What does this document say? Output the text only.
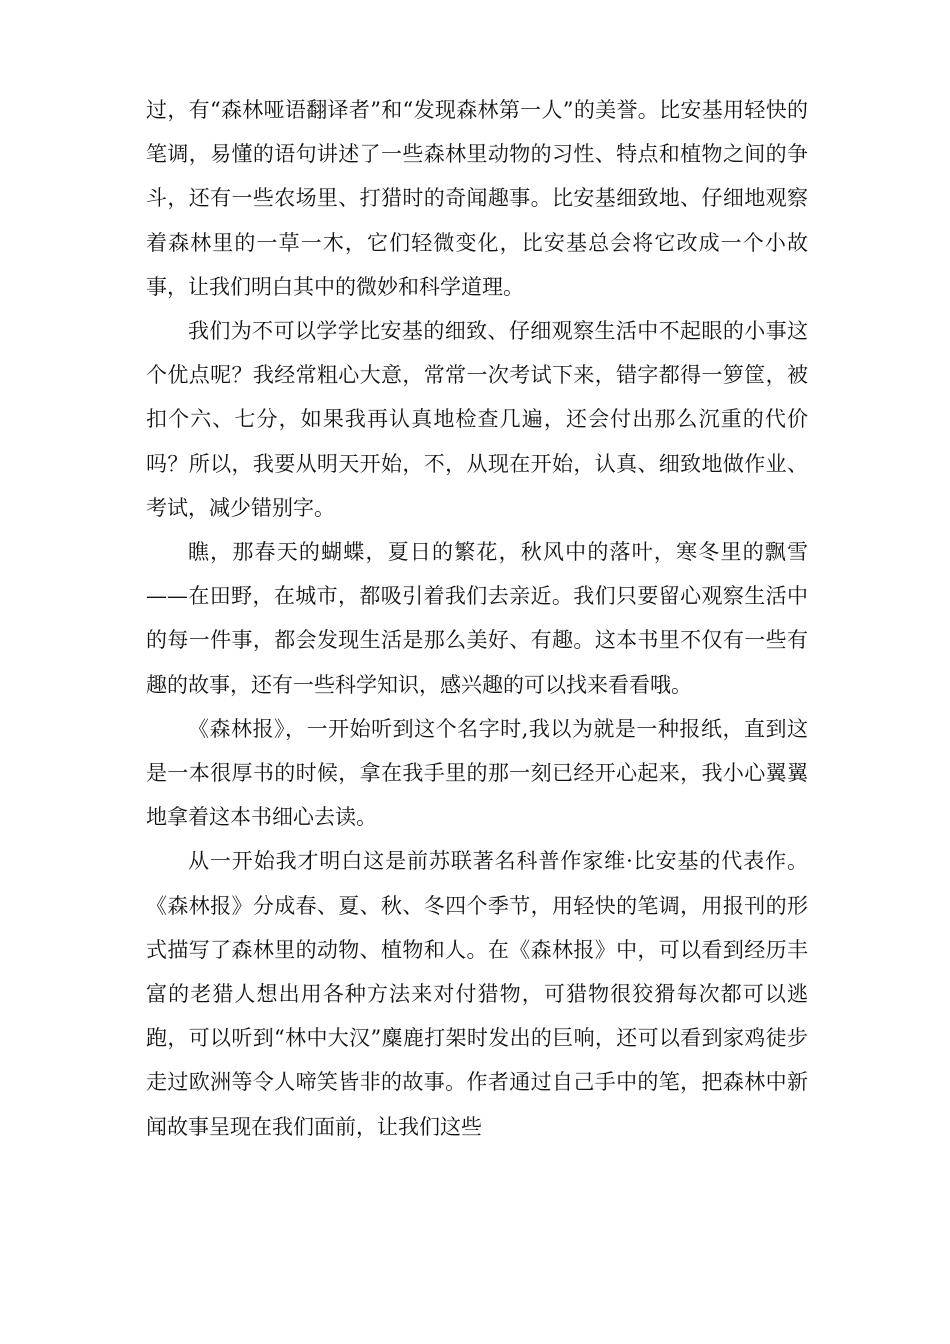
过，有“森林哑语翻译者”和“发现森林第一人”的美誉。比安基用轻快的笔调，易懂的语句讲述了一些森林里动物的习性、特点和植物之间的争斗，还有一些农场里、打猎时的奇闻趣事。比安基细致地、仔细地观察着森林里的一草一木，它们轻微变化，比安基总会将它改成一个小故事，让我们明白其中的微妙和科学道理。

我们为不可以学学比安基的细致、仔细观察生活中不起眼的小事这个优点呢？我经常粗心大意，常常一次考试下来，错字都得一箩筐，被扣个六、七分，如果我再认真地检查几遍，还会付出那么沉重的代价吗？所以，我要从明天开始，不，从现在开始，认真、细致地做作业、考试，减少错别字。

瞧，那春天的蝴蝶，夏日的繁花，秋风中的落叶，寒冬里的飘雪——在田野，在城市，都吸引着我们去亲近。我们只要留心观察生活中的每一件事，都会发现生活是那么美好、有趣。这本书里不仅有一些有趣的故事，还有一些科学知识，感兴趣的可以找来看看哦。

《森林报》，一开始听到这个名字时,我以为就是一种报纸，直到这是一本很厚书的时候，拿在我手里的那一刻已经开心起来，我小心翼翼地拿着这本书细心去读。

从一开始我才明白这是前苏联著名科普作家维·比安基的代表作。《森林报》分成春、夏、秋、冬四个季节，用轻快的笔调，用报刊的形式描写了森林里的动物、植物和人。在《森林报》中，可以看到经历丰富的老猎人想出用各种方法来对付猎物，可猎物很狡猾每次都可以逃跑，可以听到“林中大汉”麋鹿打架时发出的巨响，还可以看到家鸡徒步走过欧洲等令人啼笑皆非的故事。作者通过自己手中的笔，把森林中新闻故事呈现在我们面前，让我们这些
